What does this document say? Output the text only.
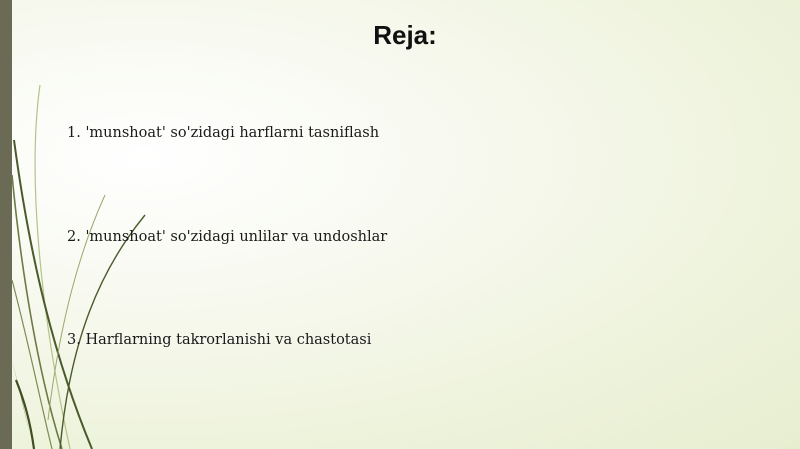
Reja:
1. 'munshoat' so'zidagi harflarni tasniflash
2. 'munshoat' so'zidagi unlilar va undoshlar
3. Harflarning takrorlanishi va chastotasi
